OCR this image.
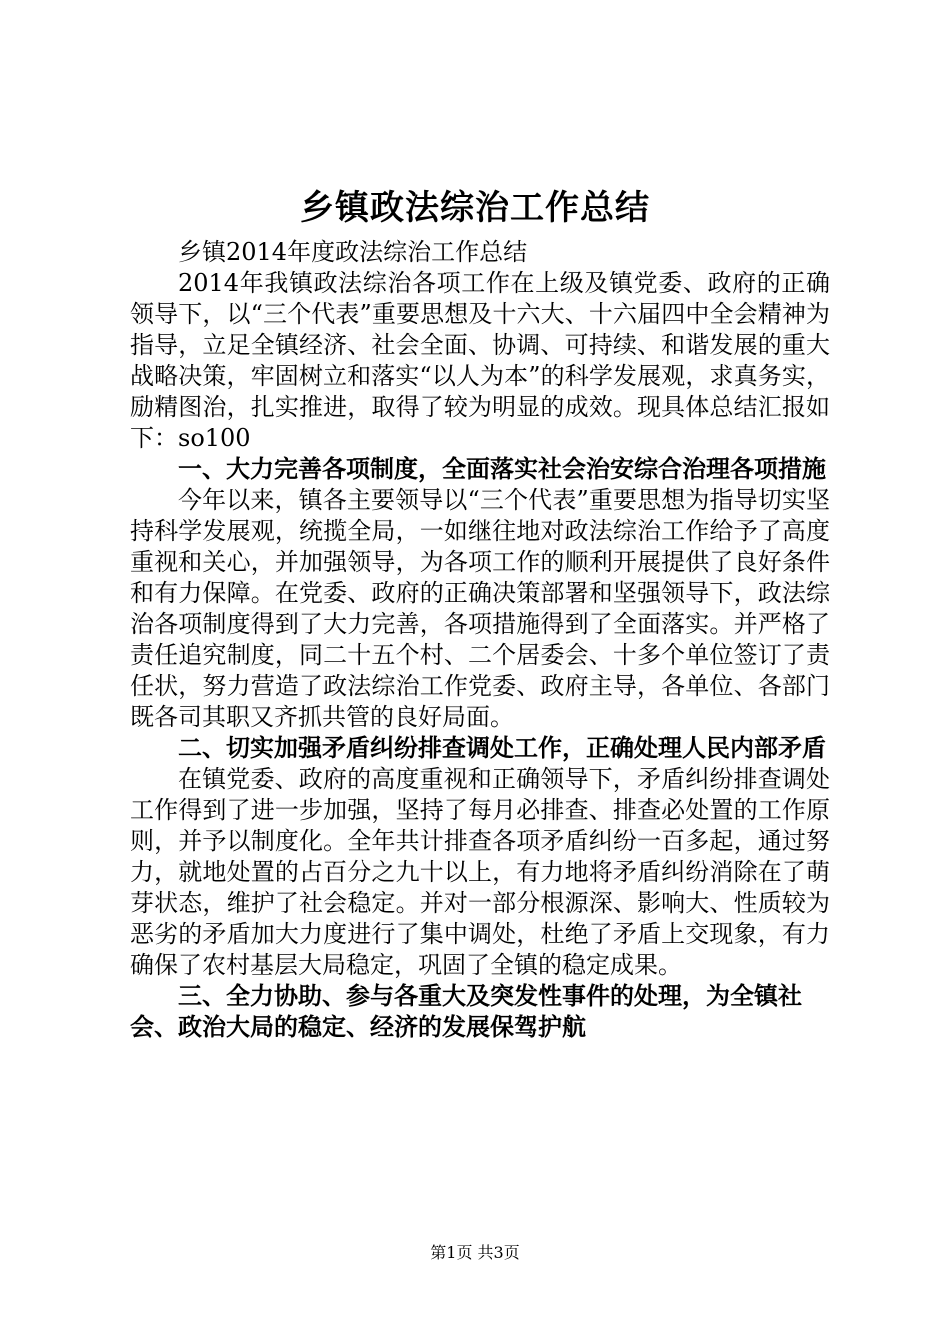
乡镇政法综治工作总结

乡镇2014年度政法综治工作总结

2014年我镇政法综治各项工作在上级及镇党委、政府的正确领导下，以“三个代表”重要思想及十六大、十六届四中全会精神为指导，立足全镇经济、社会全面、协调、可持续、和谐发展的重大战略决策，牢固树立和落实“以人为本”的科学发展观，求真务实，励精图治，扎实推进，取得了较为明显的成效。现具体总结汇报如下：so100

一、大力完善各项制度，全面落实社会治安综合治理各项措施

今年以来，镇各主要领导以“三个代表”重要思想为指导切实坚持科学发展观，统揽全局，一如继往地对政法综治工作给予了高度重视和关心，并加强领导，为各项工作的顺利开展提供了良好条件和有力保障。在党委、政府的正确决策部署和坚强领导下，政法综治各项制度得到了大力完善，各项措施得到了全面落实。并严格了责任追究制度，同二十五个村、二个居委会、十多个单位签订了责任状，努力营造了政法综治工作党委、政府主导，各单位、各部门既各司其职又齐抓共管的良好局面。

二、切实加强矛盾纠纷排查调处工作，正确处理人民内部矛盾

在镇党委、政府的高度重视和正确领导下，矛盾纠纷排查调处工作得到了进一步加强，坚持了每月必排查、排查必处置的工作原则，并予以制度化。全年共计排查各项矛盾纠纷一百多起，通过努力，就地处置的占百分之九十以上，有力地将矛盾纠纷消除在了萌芽状态，维护了社会稳定。并对一部分根源深、影响大、性质较为恶劣的矛盾加大力度进行了集中调处，杜绝了矛盾上交现象，有力确保了农村基层大局稳定，巩固了全镇的稳定成果。

三、全力协助、参与各重大及突发性事件的处理，为全镇社会、政治大局的稳定、经济的发展保驾护航

第1页 共3页
